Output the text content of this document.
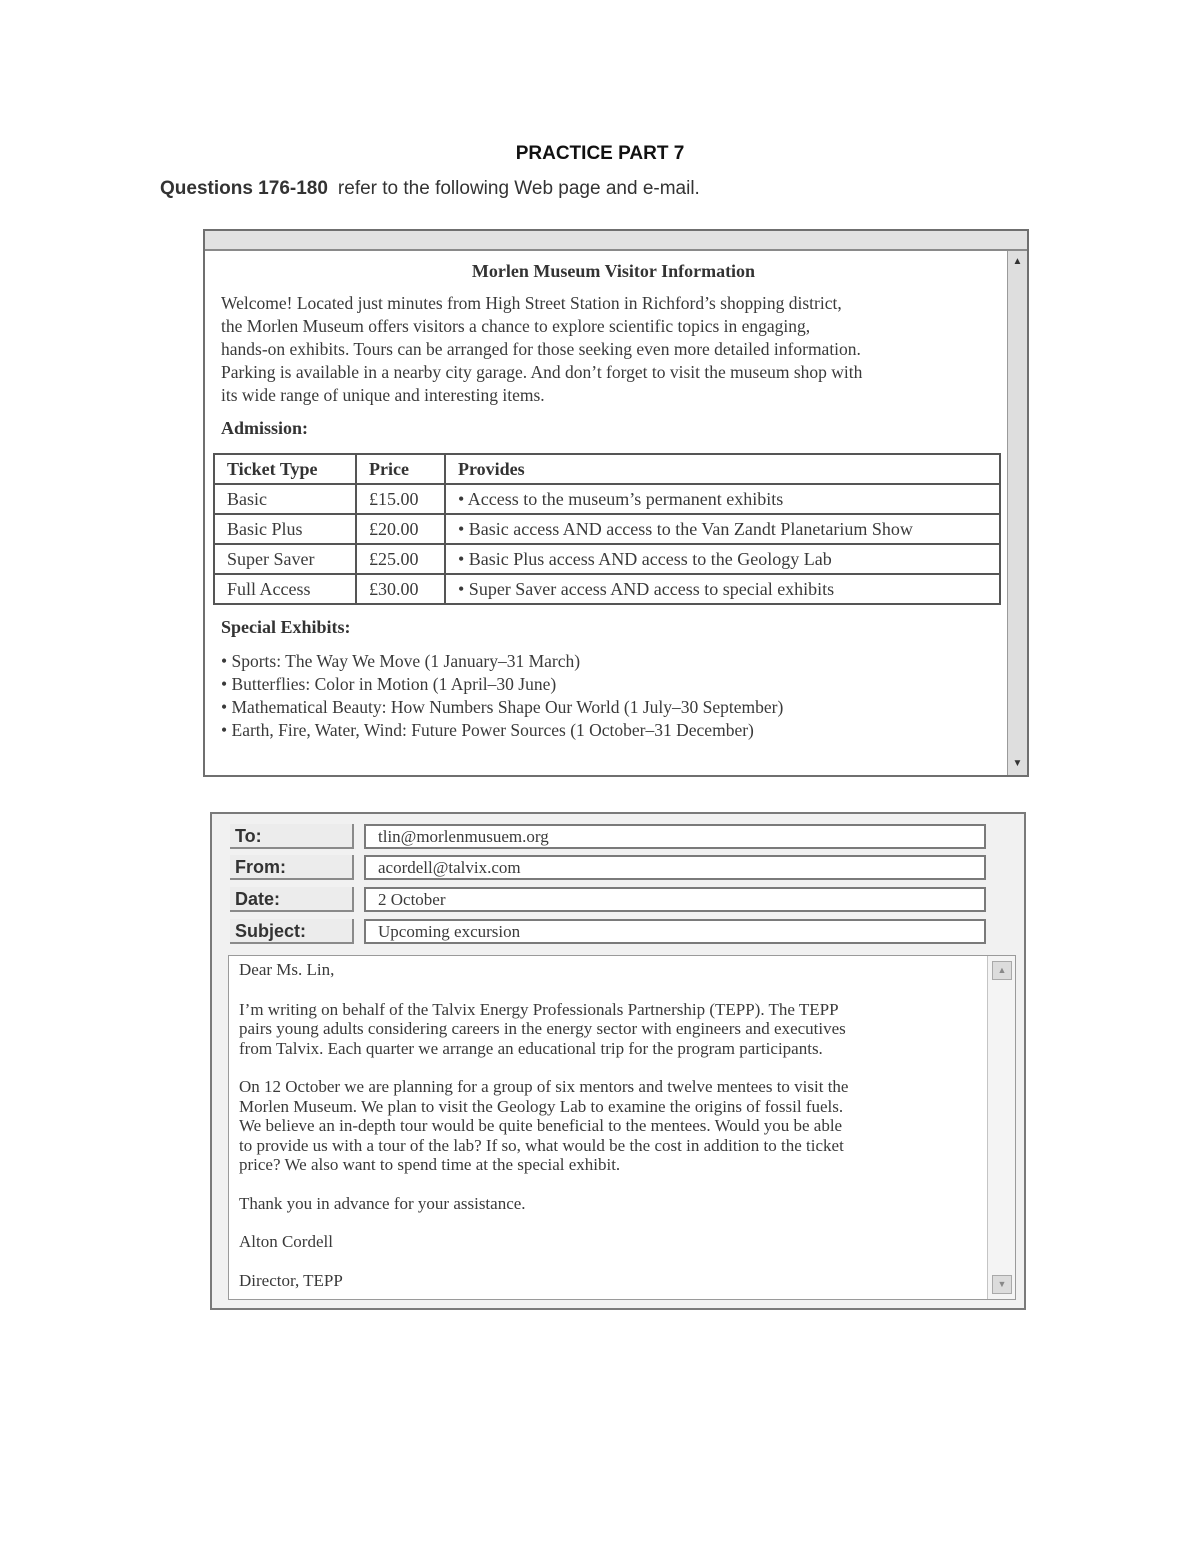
PRACTICE PART 7
Questions 176-180 refer to the following Web page and e-mail.
▲
▼
Morlen Museum Visitor Information
Welcome! Located just minutes from High Street Station in Richford’s shopping district,
the Morlen Museum offers visitors a chance to explore scientific topics in engaging,
hands-on exhibits. Tours can be arranged for those seeking even more detailed information.
Parking is available in a nearby city garage. And don’t forget to visit the museum shop with
its wide range of unique and interesting items.
Admission:
Ticket Type	Price	Provides
Basic	£15.00	• Access to the museum’s permanent exhibits
Basic Plus	£20.00	• Basic access AND access to the Van Zandt Planetarium Show
Super Saver	£25.00	• Basic Plus access AND access to the Geology Lab
Full Access	£30.00	• Super Saver access AND access to special exhibits
Special Exhibits:
• Sports: The Way We Move (1 January–31 March)
• Butterflies: Color in Motion (1 April–30 June)
• Mathematical Beauty: How Numbers Shape Our World (1 July–30 September)
• Earth, Fire, Water, Wind: Future Power Sources (1 October–31 December)
To:	tlin@morlenmusuem.org
From:	acordell@talvix.com
Date:	2 October
Subject:	Upcoming excursion
▲
▼

Dear Ms. Lin,

I’m writing on behalf of the Talvix Energy Professionals Partnership (TEPP). The TEPP
pairs young adults considering careers in the energy sector with engineers and executives
from Talvix. Each quarter we arrange an educational trip for the program participants.

On 12 October we are planning for a group of six mentors and twelve mentees to visit the
Morlen Museum. We plan to visit the Geology Lab to examine the origins of fossil fuels.
We believe an in-depth tour would be quite beneficial to the mentees. Would you be able
to provide us with a tour of the lab? If so, what would be the cost in addition to the ticket
price? We also want to spend time at the special exhibit.

Thank you in advance for your assistance.

Alton Cordell

Director, TEPP
